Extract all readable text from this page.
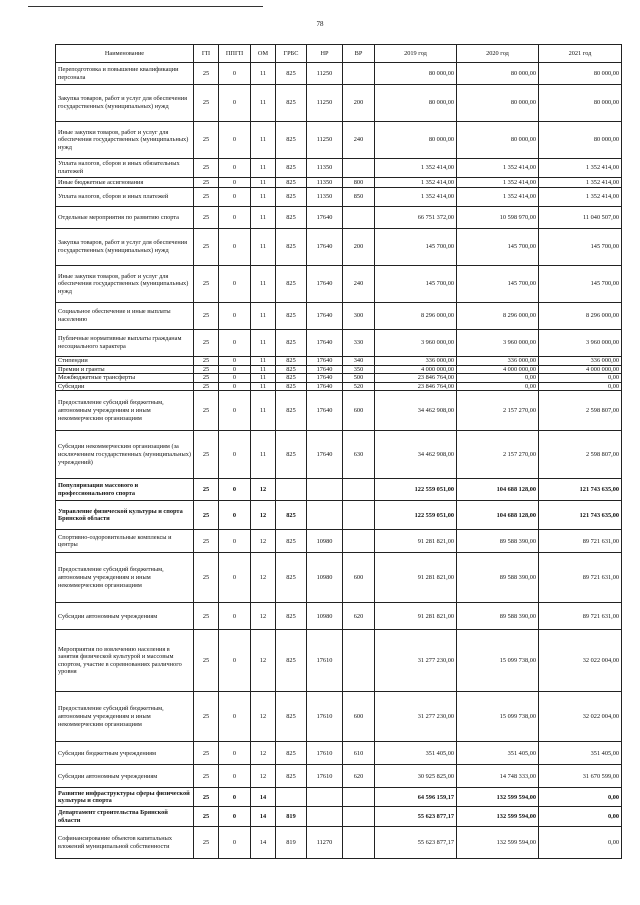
78
Наименование	ГП	ППГП	ОМ	ГРБС	НР	ВР	2019 год	2020 год	2021 год
Переподготовка и повышение квалификации персонала	25	0	11	825	11250		80 000,00	80 000,00	80 000,00
Закупка товаров, работ и услуг для обеспечения государственных (муниципальных) нужд	25	0	11	825	11250	200	80 000,00	80 000,00	80 000,00
Иные закупки товаров, работ и услуг для обеспечения государственных (муниципальных) нужд	25	0	11	825	11250	240	80 000,00	80 000,00	80 000,00
Уплата налогов, сборов и иных обязательных платежей	25	0	11	825	11350		1 352 414,00	1 352 414,00	1 352 414,00
Иные бюджетные ассигнования	25	0	11	825	11350	800	1 352 414,00	1 352 414,00	1 352 414,00
Уплата налогов, сборов и иных платежей	25	0	11	825	11350	850	1 352 414,00	1 352 414,00	1 352 414,00
Отдельные мероприятия по развитию спорта	25	0	11	825	17640		66 751 372,00	10 598 970,00	11 040 507,00
Закупка товаров, работ и услуг для обеспечения государственных (муниципальных) нужд	25	0	11	825	17640	200	145 700,00	145 700,00	145 700,00
Иные закупки товаров, работ и услуг для обеспечения государственных (муниципальных) нужд	25	0	11	825	17640	240	145 700,00	145 700,00	145 700,00
Социальное обеспечение и иные выплаты населению	25	0	11	825	17640	300	8 296 000,00	8 296 000,00	8 296 000,00
Публичные нормативные выплаты гражданам несоциального характера	25	0	11	825	17640	330	3 960 000,00	3 960 000,00	3 960 000,00
Стипендии	25	0	11	825	17640	340	336 000,00	336 000,00	336 000,00
Премии и гранты	25	0	11	825	17640	350	4 000 000,00	4 000 000,00	4 000 000,00
Межбюджетные трансферты	25	0	11	825	17640	500	23 846 764,00	0,00	0,00
Субсидии	25	0	11	825	17640	520	23 846 764,00	0,00	0,00
Предоставление субсидий бюджетным, автономным учреждениям и иным некоммерческим организациям	25	0	11	825	17640	600	34 462 908,00	2 157 270,00	2 598 807,00
Субсидии некоммерческим организациям (за исключением государственных (муниципальных) учреждений)	25	0	11	825	17640	630	34 462 908,00	2 157 270,00	2 598 807,00
Популяризация массового и профессионального спорта	25	0	12				122 559 051,00	104 688 128,00	121 743 635,00
Управление физической культуры и спорта Брянской области	25	0	12	825			122 559 051,00	104 688 128,00	121 743 635,00
Спортивно-оздоровительные комплексы и центры	25	0	12	825	10980		91 281 821,00	89 588 390,00	89 721 631,00
Предоставление субсидий бюджетным, автономным учреждениям и иным некоммерческим организациям	25	0	12	825	10980	600	91 281 821,00	89 588 390,00	89 721 631,00
Субсидии автономным учреждениям	25	0	12	825	10980	620	91 281 821,00	89 588 390,00	89 721 631,00
Мероприятия по вовлечению населения в занятия физической культурой и массовым спортом, участие в соревнованиях различного уровня	25	0	12	825	17610		31 277 230,00	15 099 738,00	32 022 004,00
Предоставление субсидий бюджетным, автономным учреждениям и иным некоммерческим организациям	25	0	12	825	17610	600	31 277 230,00	15 099 738,00	32 022 004,00
Субсидии бюджетным учреждениям	25	0	12	825	17610	610	351 405,00	351 405,00	351 405,00
Субсидии автономным учреждениям	25	0	12	825	17610	620	30 925 825,00	14 748 333,00	31 670 599,00
Развитие инфраструктуры сферы физической культуры и спорта	25	0	14				64 596 159,17	132 599 594,00	0,00
Департамент строительства Брянской области	25	0	14	819			55 623 877,17	132 599 594,00	0,00
Софинансирование объектов капитальных вложений муниципальной собственности	25	0	14	819	11270		55 623 877,17	132 599 594,00	0,00
